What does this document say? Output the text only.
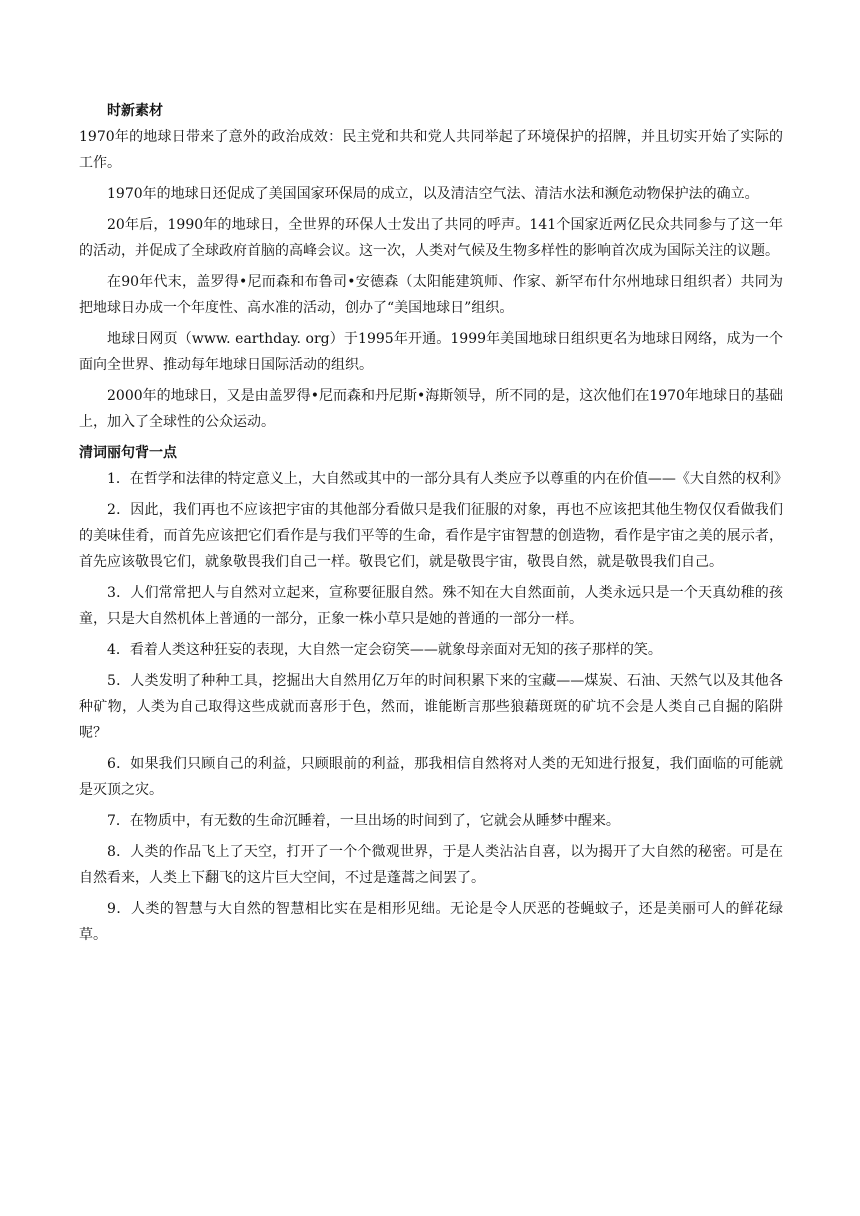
时新素材

1970年的地球日带来了意外的政治成效：民主党和共和党人共同举起了环境保护的招牌，并且切实开始了实际的工作。

1970年的地球日还促成了美国国家环保局的成立，以及清洁空气法、清洁水法和濒危动物保护法的确立。

20年后，1990年的地球日，全世界的环保人士发出了共同的呼声。141个国家近两亿民众共同参与了这一年的活动，并促成了全球政府首脑的高峰会议。这一次，人类对气候及生物多样性的影响首次成为国际关注的议题。

在90年代末，盖罗得•尼而森和布鲁司•安德森（太阳能建筑师、作家、新罕布什尔州地球日组织者）共同为把地球日办成一个年度性、高水准的活动，创办了“美国地球日”组织。

地球日网页（www. earthday. org）于1995年开通。1999年美国地球日组织更名为地球日网络，成为一个面向全世界、推动每年地球日国际活动的组织。

2000年的地球日，又是由盖罗得•尼而森和丹尼斯•海斯领导，所不同的是，这次他们在1970年地球日的基础上，加入了全球性的公众运动。

清词丽句背一点

1．在哲学和法律的特定意义上，大自然或其中的一部分具有人类应予以尊重的内在价值——《大自然的权利》

2．因此，我们再也不应该把宇宙的其他部分看做只是我们征服的对象，再也不应该把其他生物仅仅看做我们的美味佳肴，而首先应该把它们看作是与我们平等的生命，看作是宇宙智慧的创造物，看作是宇宙之美的展示者，首先应该敬畏它们，就象敬畏我们自己一样。敬畏它们，就是敬畏宇宙，敬畏自然，就是敬畏我们自己。

3．人们常常把人与自然对立起来，宣称要征服自然。殊不知在大自然面前，人类永远只是一个天真幼稚的孩童，只是大自然机体上普通的一部分，正象一株小草只是她的普通的一部分一样。

4．看着人类这种狂妄的表现，大自然一定会窃笑——就象母亲面对无知的孩子那样的笑。

5．人类发明了种种工具，挖掘出大自然用亿万年的时间积累下来的宝藏——煤炭、石油、天然气以及其他各种矿物，人类为自己取得这些成就而喜形于色，然而，谁能断言那些狼藉斑斑的矿坑不会是人类自己自掘的陷阱呢？

6．如果我们只顾自己的利益，只顾眼前的利益，那我相信自然将对人类的无知进行报复，我们面临的可能就是灭顶之灾。

7．在物质中，有无数的生命沉睡着，一旦出场的时间到了，它就会从睡梦中醒来。

8．人类的作品飞上了天空，打开了一个个微观世界，于是人类沾沾自喜，以为揭开了大自然的秘密。可是在自然看来，人类上下翻飞的这片巨大空间，不过是蓬蒿之间罢了。

9．人类的智慧与大自然的智慧相比实在是相形见绌。无论是令人厌恶的苍蝇蚊子，还是美丽可人的鲜花绿草。
